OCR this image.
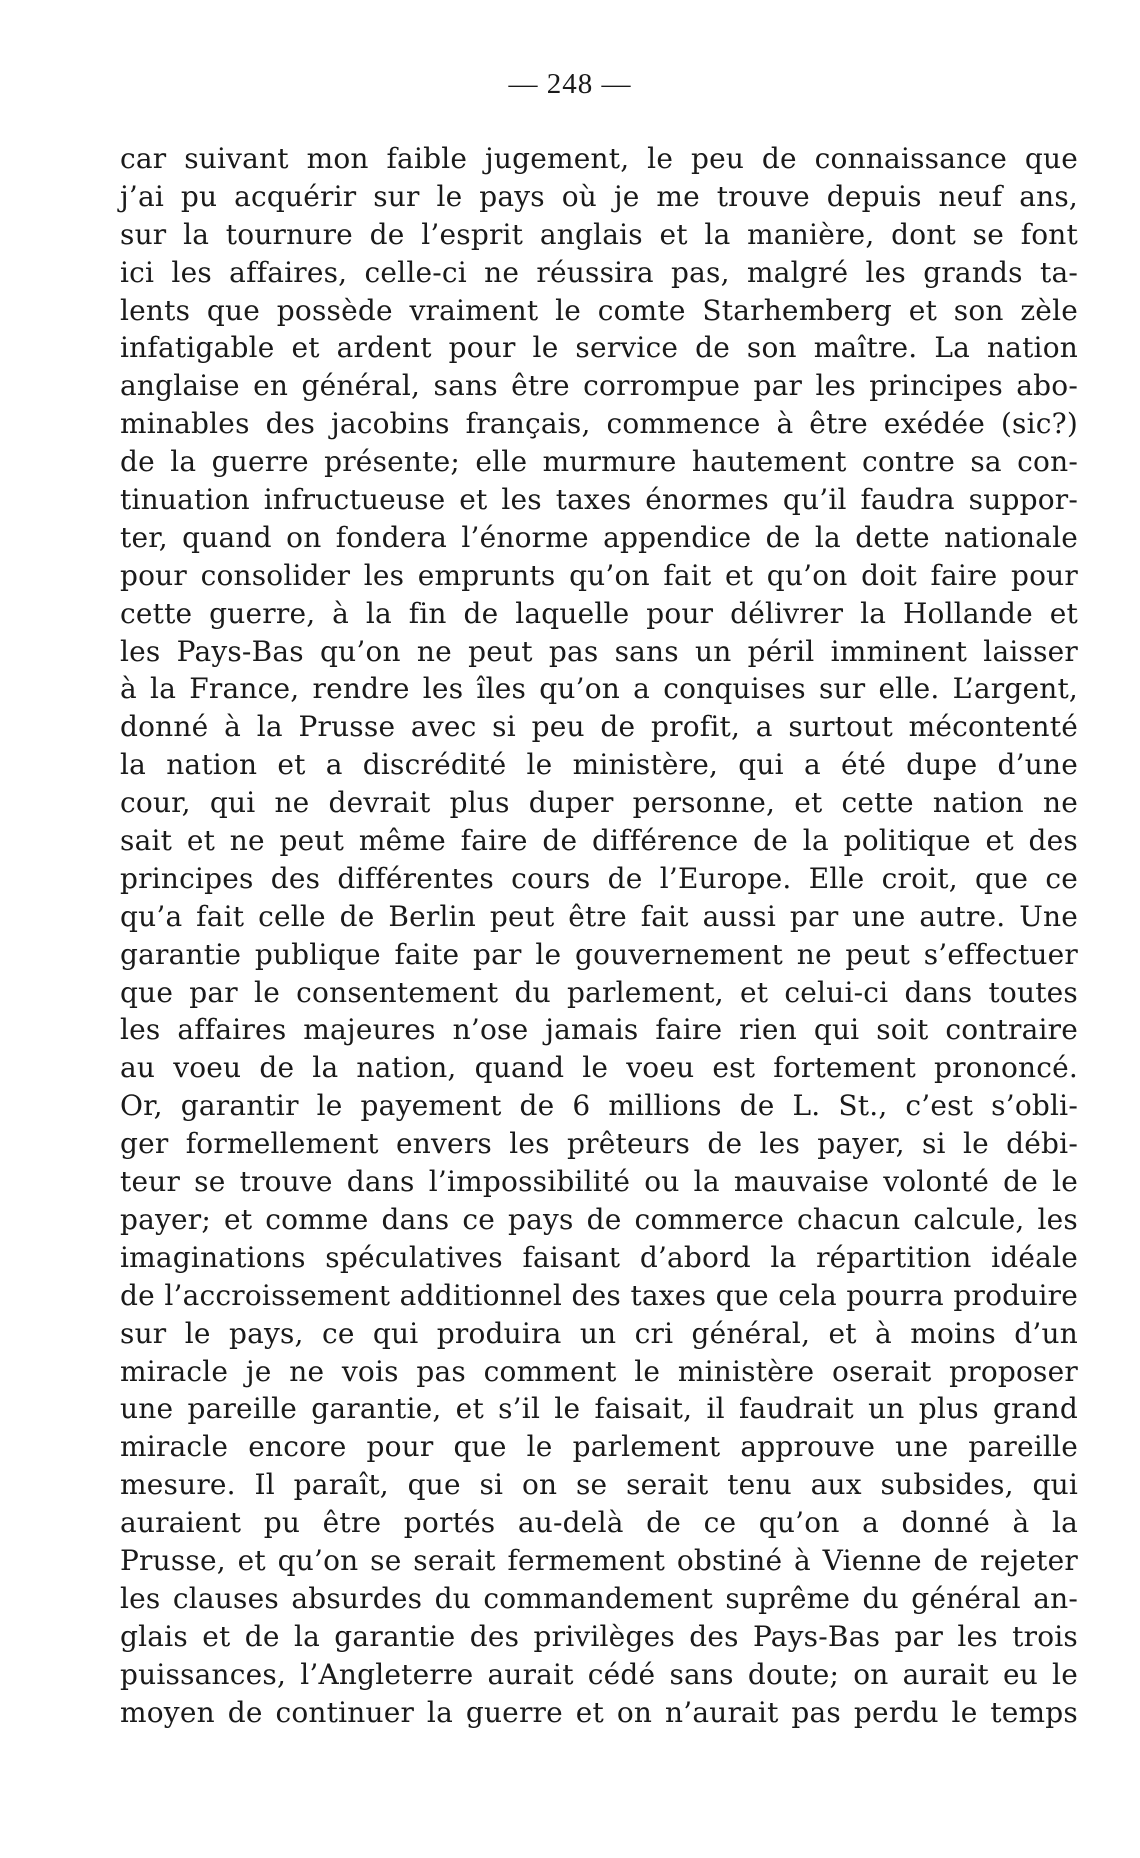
— 248 —
car suivant mon faible jugement, le peu de connaissance que
j’ai pu acquérir sur le pays où je me trouve depuis neuf ans,
sur la tournure de l’esprit anglais et la manière, dont se font
ici les affaires, celle-ci ne réussira pas, malgré les grands ta-
lents que possède vraiment le comte Starhemberg et son zèle
infatigable et ardent pour le service de son maître. La nation
anglaise en général, sans être corrompue par les principes abo-
minables des jacobins français, commence à être exédée (sic?)
de la guerre présente; elle murmure hautement contre sa con-
tinuation infructueuse et les taxes énormes qu’il faudra suppor-
ter, quand on fondera l’énorme appendice de la dette nationale
pour consolider les emprunts qu’on fait et qu’on doit faire pour
cette guerre, à la fin de laquelle pour délivrer la Hollande et
les Pays-Bas qu’on ne peut pas sans un péril imminent laisser
à la France, rendre les îles qu’on a conquises sur elle. L’argent,
donné à la Prusse avec si peu de profit, a surtout mécontenté
la nation et a discrédité le ministère, qui a été dupe d’une
cour, qui ne devrait plus duper personne, et cette nation ne
sait et ne peut même faire de différence de la politique et des
principes des différentes cours de l’Europe. Elle croit, que ce
qu’a fait celle de Berlin peut être fait aussi par une autre. Une
garantie publique faite par le gouvernement ne peut s’effectuer
que par le consentement du parlement, et celui-ci dans toutes
les affaires majeures n’ose jamais faire rien qui soit contraire
au voeu de la nation, quand le voeu est fortement prononcé.
Or, garantir le payement de 6 millions de L. St., c’est s’obli-
ger formellement envers les prêteurs de les payer, si le débi-
teur se trouve dans l’impossibilité ou la mauvaise volonté de le
payer; et comme dans ce pays de commerce chacun calcule, les
imaginations spéculatives faisant d’abord la répartition idéale
de l’accroissement additionnel des taxes que cela pourra produire
sur le pays, ce qui produira un cri général, et à moins d’un
miracle je ne vois pas comment le ministère oserait proposer
une pareille garantie, et s’il le faisait, il faudrait un plus grand
miracle encore pour que le parlement approuve une pareille
mesure. Il paraît, que si on se serait tenu aux subsides, qui
auraient pu être portés au-delà de ce qu’on a donné à la
Prusse, et qu’on se serait fermement obstiné à Vienne de rejeter
les clauses absurdes du commandement suprême du général an-
glais et de la garantie des privilèges des Pays-Bas par les trois
puissances, l’Angleterre aurait cédé sans doute; on aurait eu le
moyen de continuer la guerre et on n’aurait pas perdu le temps
